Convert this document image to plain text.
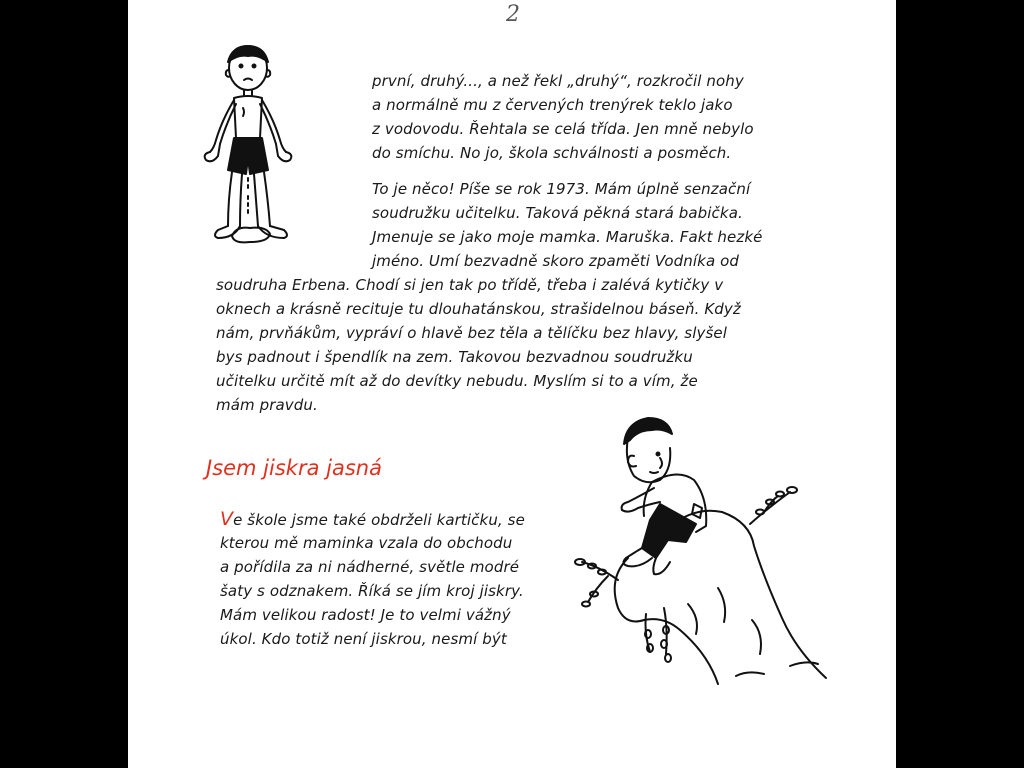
2
první, druhý..., a než řekl „druhý“, rozkročil nohy
a normálně mu z červených trenýrek teklo jako
z vodovodu. Řehtala se celá třída. Jen mně nebylo
do smíchu. No jo, škola schválnosti a posměch.
To je něco! Píše se rok 1973. Mám úplně senzační
soudružku učitelku. Taková pěkná stará babička.
Jmenuje se jako moje mamka. Maruška. Fakt hezké
jméno. Umí bezvadně skoro zpaměti Vodníka od
soudruha Erbena. Chodí si jen tak po třídě, třeba i zalévá kytičky v
oknech a krásně recituje tu dlouhatánskou, strašidelnou báseň. Když
nám, prvňákům, vypráví o hlavě bez těla a tělíčku bez hlavy, slyšel
bys padnout i špendlík na zem. Takovou bezvadnou soudružku
učitelku určitě mít až do devítky nebudu. Myslím si to a vím, že
mám pravdu.
Jsem jiskra jasná
Ve škole jsme také obdrželi kartičku, se
kterou mě maminka vzala do obchodu
a pořídila za ni nádherné, světle modré
šaty s odznakem. Říká se jím kroj jiskry.
Mám velikou radost! Je to velmi vážný
úkol. Kdo totiž není jiskrou, nesmí být
